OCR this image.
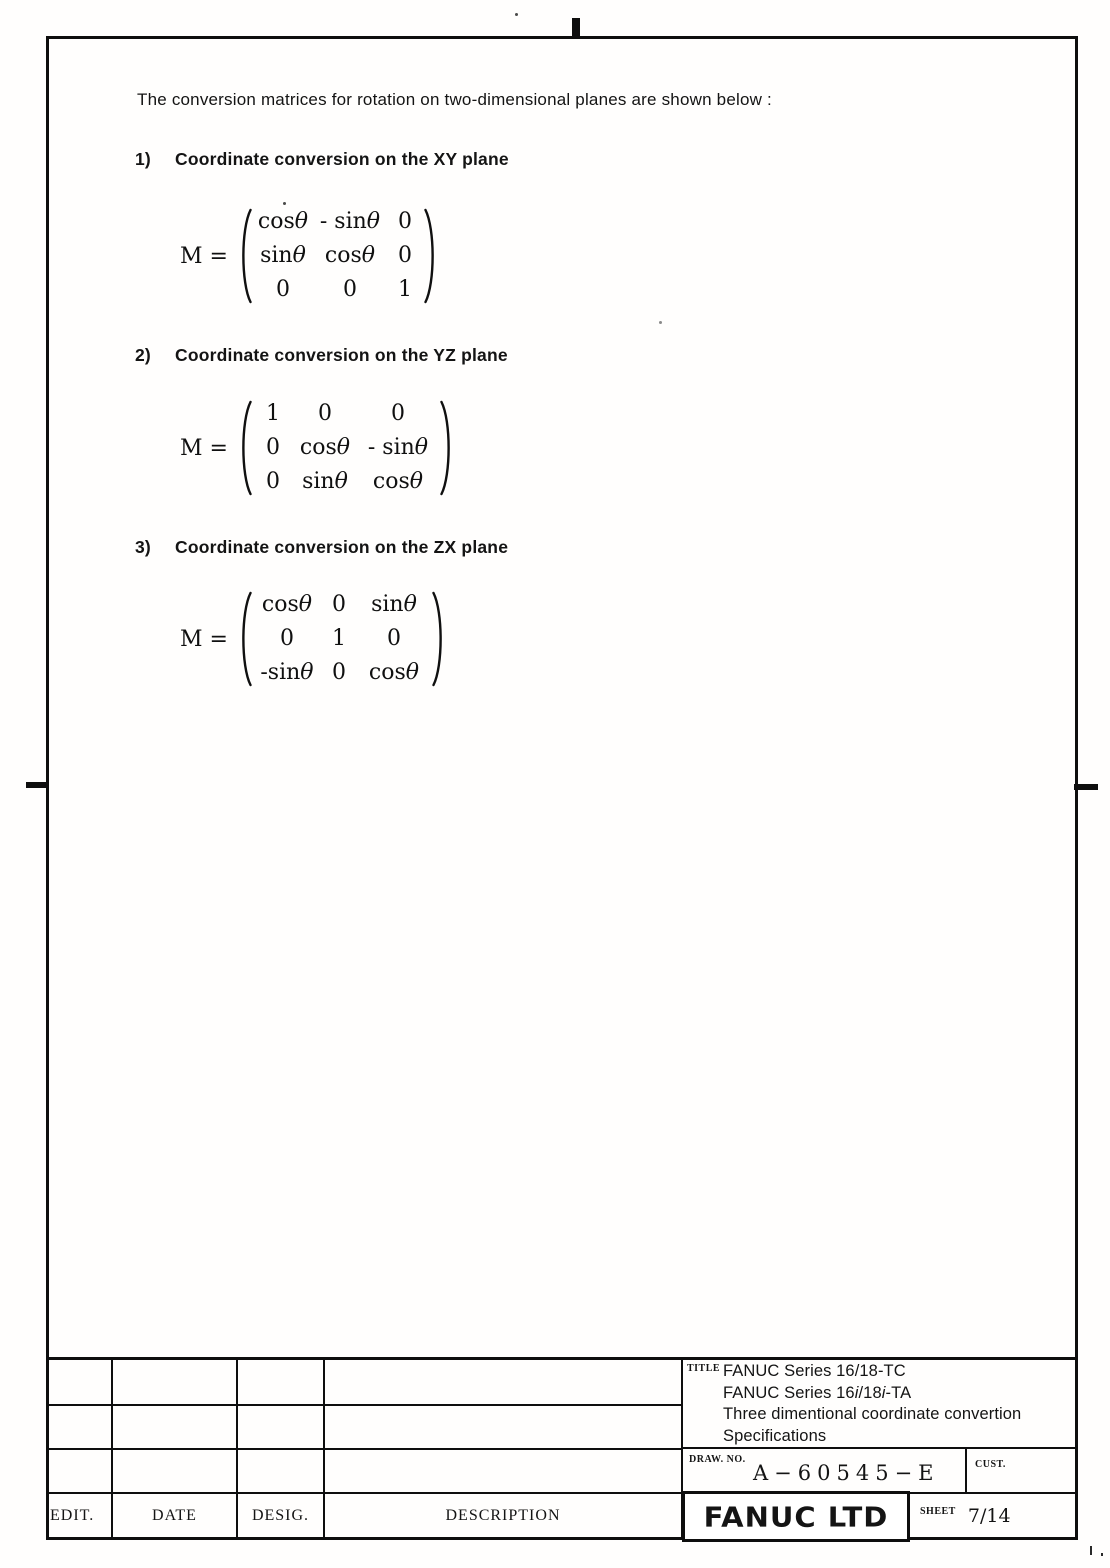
The conversion matrices for rotation on two-dimensional planes are shown below :
1) Coordinate conversion on the XY plane
M =
cosθ - sinθ 0
sinθ cosθ 0
0 0 1
2) Coordinate conversion on the YZ plane
M =
1 0	0
0 cosθ - sinθ
0 sinθ cosθ
3) Coordinate conversion on the ZX plane
M =
cosθ 0 sinθ
0 1 0
-sinθ 0 cosθ
EDIT.	DATE	DESIG.	DESCRIPTION
TITLE FANUC Series 16/18-TC
FANUC Series 16i/18i-TA
Three dimentional coordinate convertion
Specifications
DRAW. NO.
A−60545−E	CUST.
FANUC LTD	SHEET 7/14
